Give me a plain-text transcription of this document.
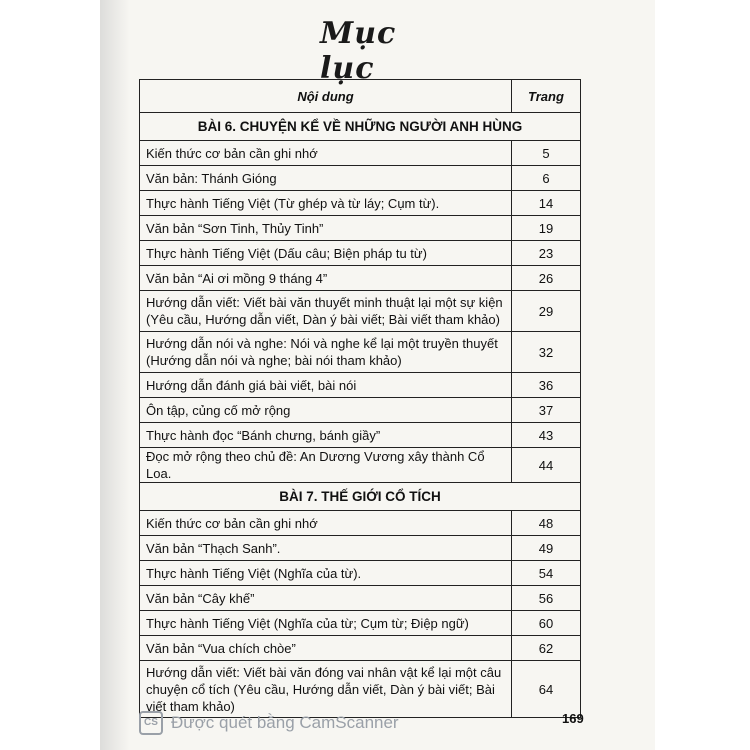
Mục lục
Nội dung	Trang
BÀI 6. CHUYỆN KỂ VỀ NHỮNG NGƯỜI ANH HÙNG	
Kiến thức cơ bản cần ghi nhớ	5
Văn bản: Thánh Gióng	6
Thực hành Tiếng Việt (Từ ghép và từ láy; Cụm từ).	14
Văn bản “Sơn Tinh, Thủy Tinh”	19
Thực hành Tiếng Việt (Dấu câu; Biện pháp tu từ)	23
Văn bản “Ai ơi mồng 9 tháng 4”	26
Hướng dẫn viết: Viết bài văn thuyết minh thuật lại một sự kiện (Yêu cầu, Hướng dẫn viết, Dàn ý bài viết; Bài viết tham khảo)	29
Hướng dẫn nói và nghe: Nói và nghe kể lại một truyền thuyết (Hướng dẫn nói và nghe; bài nói tham khảo)	32
Hướng dẫn đánh giá bài viết, bài nói	36
Ôn tập, củng cố mở rộng	37
Thực hành đọc “Bánh chưng, bánh giầy”	43
Đọc mở rộng theo chủ đề: An Dương Vương xây thành Cổ Loa.	44
BÀI 7. THẾ GIỚI CỔ TÍCH	
Kiến thức cơ bản cần ghi nhớ	48
Văn bản “Thạch Sanh”.	49
Thực hành Tiếng Việt (Nghĩa của từ).	54
Văn bản “Cây khế”	56
Thực hành Tiếng Việt (Nghĩa của từ; Cụm từ; Điệp ngữ)	60
Văn bản “Vua chích chòe”	62
Hướng dẫn viết: Viết bài văn đóng vai nhân vật kể lại một câu chuyện cổ tích (Yêu cầu, Hướng dẫn viết, Dàn ý bài viết; Bài viết tham khảo)	64
CS Được quét bằng CamScanner	169
